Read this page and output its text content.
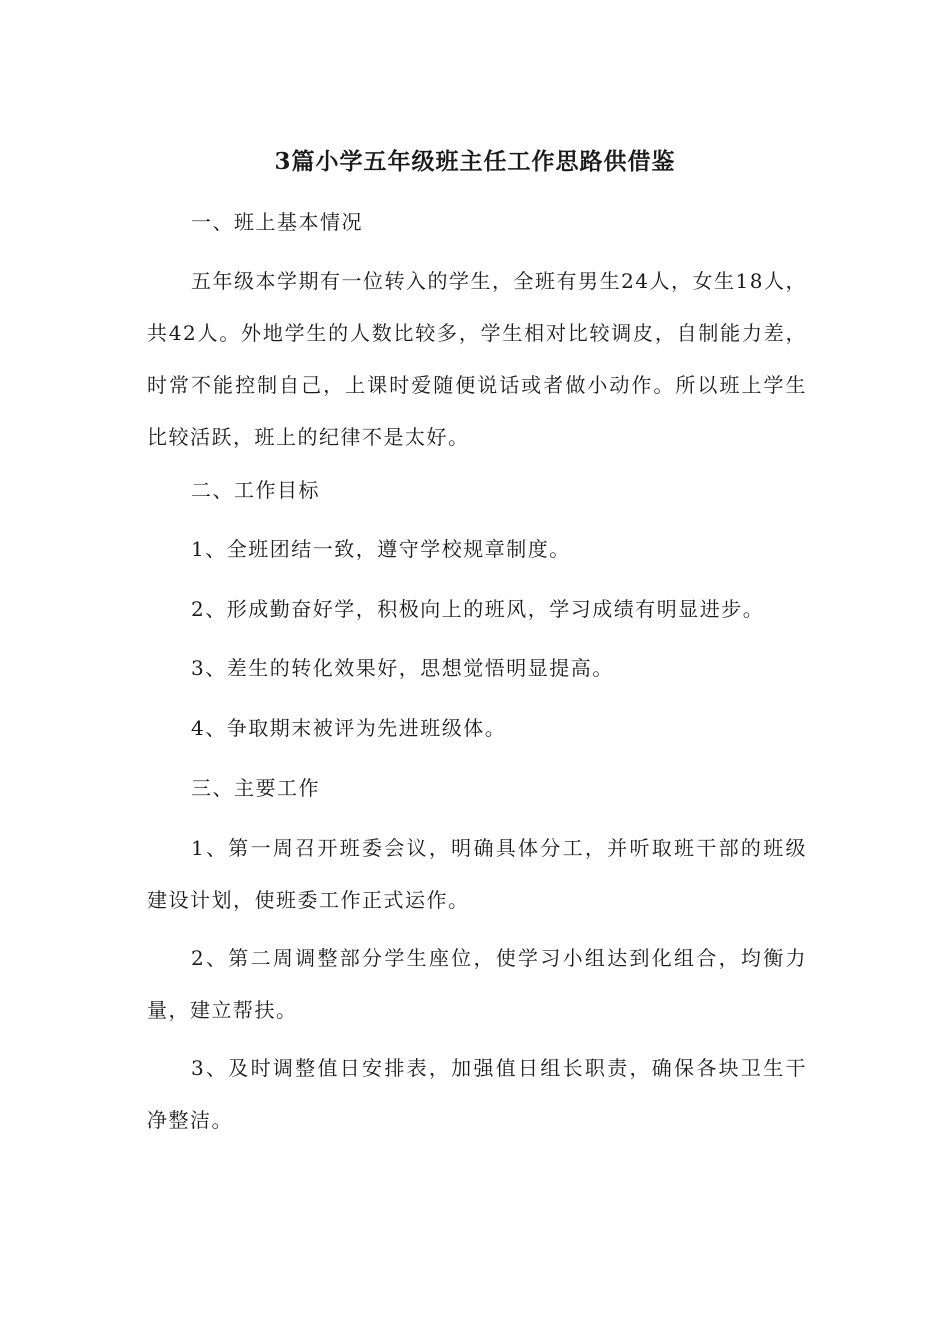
3篇小学五年级班主任工作思路供借鉴

一、班上基本情况

五年级本学期有一位转入的学生，全班有男生24人，女生18人，共42人。外地学生的人数比较多，学生相对比较调皮，自制能力差，时常不能控制自己，上课时爱随便说话或者做小动作。所以班上学生比较活跃，班上的纪律不是太好。

二、工作目标

1、全班团结一致，遵守学校规章制度。

2、形成勤奋好学，积极向上的班风，学习成绩有明显进步。

3、差生的转化效果好，思想觉悟明显提高。

4、争取期末被评为先进班级体。

三、主要工作

1、第一周召开班委会议，明确具体分工，并听取班干部的班级建设计划，使班委工作正式运作。

2、第二周调整部分学生座位，使学习小组达到化组合，均衡力量，建立帮扶。

3、及时调整值日安排表，加强值日组长职责，确保各块卫生干净整洁。
